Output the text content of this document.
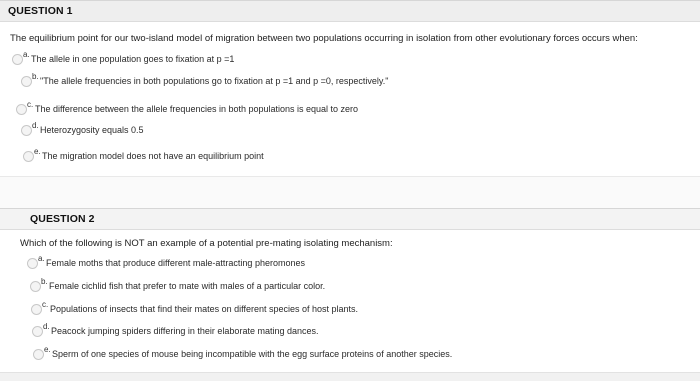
QUESTION 1
The equilibrium point for our two-island model of migration between two populations occurring in isolation from other evolutionary forces occurs when:
a. The allele in one population goes to fixation at p =1
b. "The allele frequencies in both populations go to fixation at p =1 and p =0, respectively."
c. The difference between the allele frequencies in both populations is equal to zero
d. Heterozygosity equals 0.5
e. The migration model does not have an equilibrium point
QUESTION 2
Which of the following is NOT an example of a potential pre-mating isolating mechanism:
a. Female moths that produce different male-attracting pheromones
b. Female cichlid fish that prefer to mate with males of a particular color.
c. Populations of insects that find their mates on different species of host plants.
d. Peacock jumping spiders differing in their elaborate mating dances.
e. Sperm of one species of mouse being incompatible with the egg surface proteins of another species.
